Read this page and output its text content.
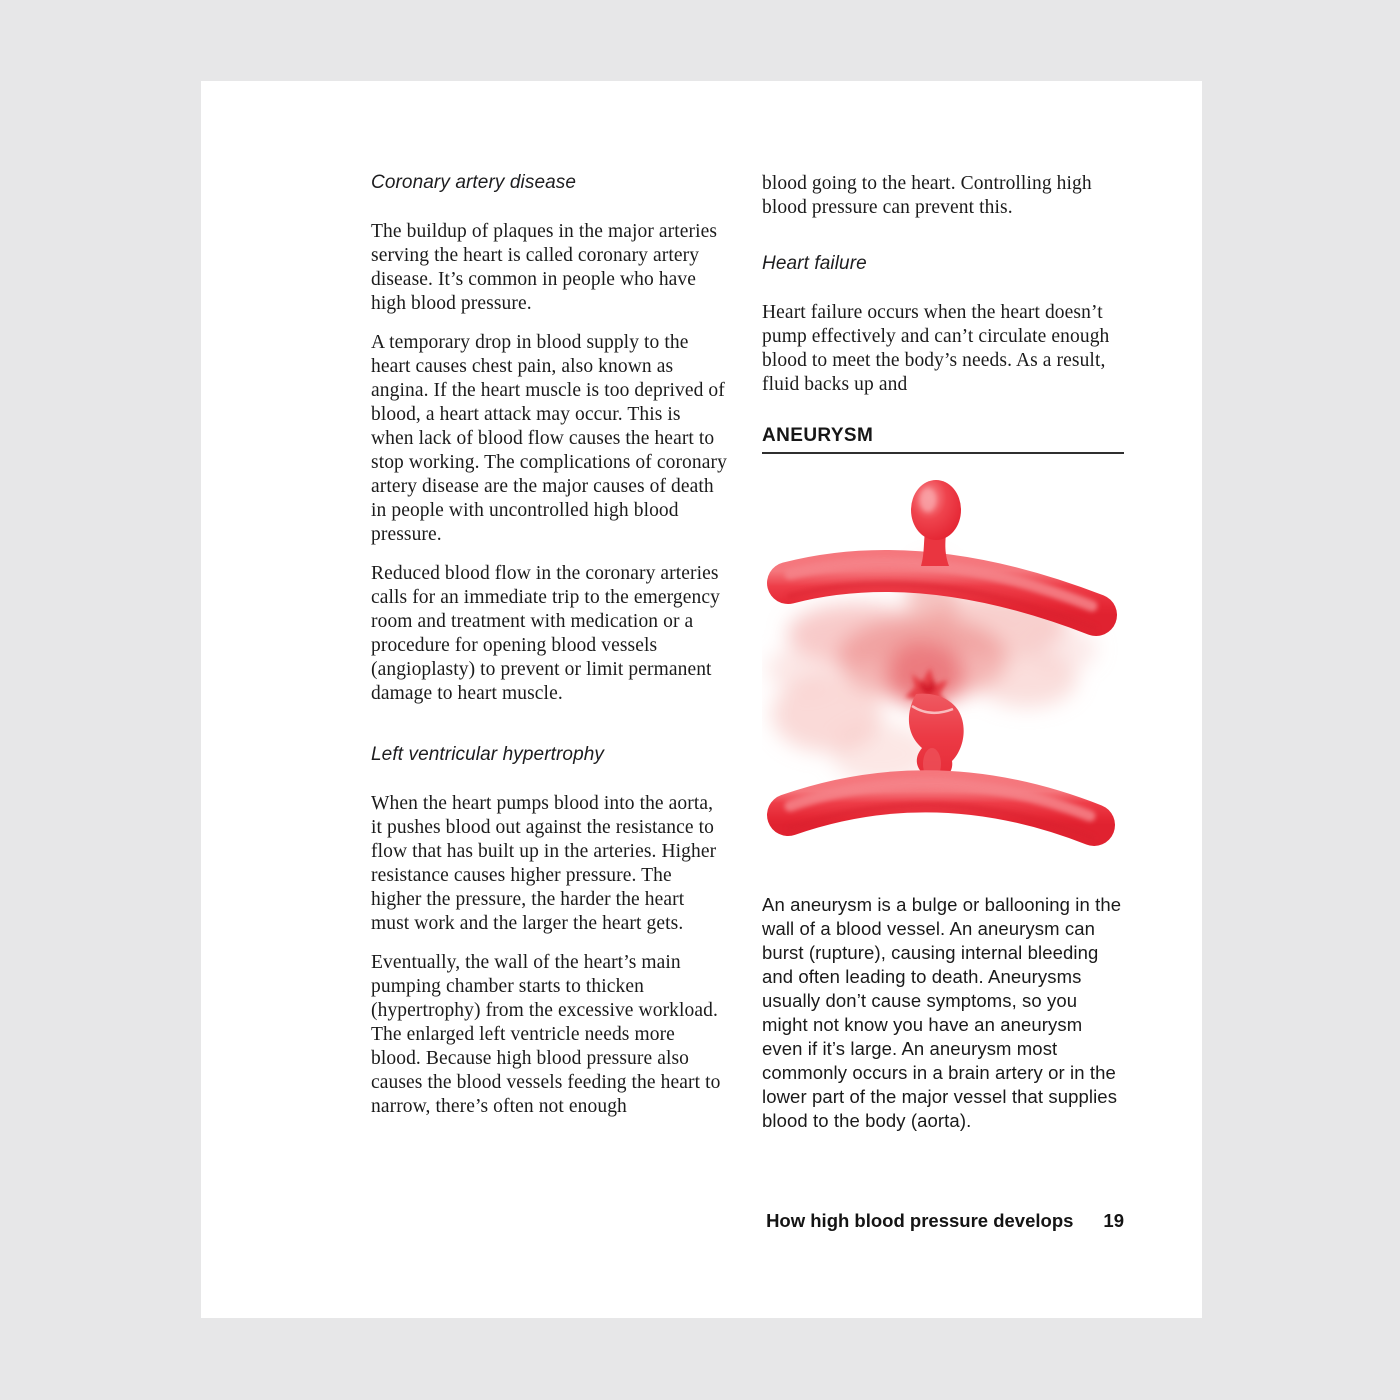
Coronary artery disease

The buildup of plaques in the major arteries serving the heart is called coronary artery disease. It’s common in people who have high blood pressure.

A temporary drop in blood supply to the heart causes chest pain, also known as angina. If the heart muscle is too deprived of blood, a heart attack may occur. This is when lack of blood flow causes the heart to stop working. The complications of coronary artery disease are the major causes of death in people with uncontrolled high blood pressure.

Reduced blood flow in the coronary arteries calls for an immediate trip to the emergency room and treatment with medication or a procedure for opening blood vessels (angioplasty) to prevent or limit permanent damage to heart muscle.

Left ventricular hypertrophy

When the heart pumps blood into the aorta, it pushes blood out against the resistance to flow that has built up in the arteries. Higher resistance causes higher pressure. The higher the pressure, the harder the heart must work and the larger the heart gets.

Eventually, the wall of the heart’s main pumping chamber starts to thicken (hypertrophy) from the excessive workload. The enlarged left ventricle needs more blood. Because high blood pressure also causes the blood vessels feeding the heart to narrow, there’s often not enough

blood going to the heart. Controlling high blood pressure can prevent this.

Heart failure

Heart failure occurs when the heart doesn’t pump effectively and can’t circulate enough blood to meet the body’s needs. As a result, fluid backs up and

ANEURYSM

An aneurysm is a bulge or ballooning in the wall of a blood vessel. An aneurysm can burst (rupture), causing internal bleeding and often leading to death. Aneurysms usually don’t cause symptoms, so you might not know you have an aneurysm even if it’s large. An aneurysm most commonly occurs in a brain artery or in the lower part of the major vessel that supplies blood to the body (aorta).

How high blood pressure develops 19
